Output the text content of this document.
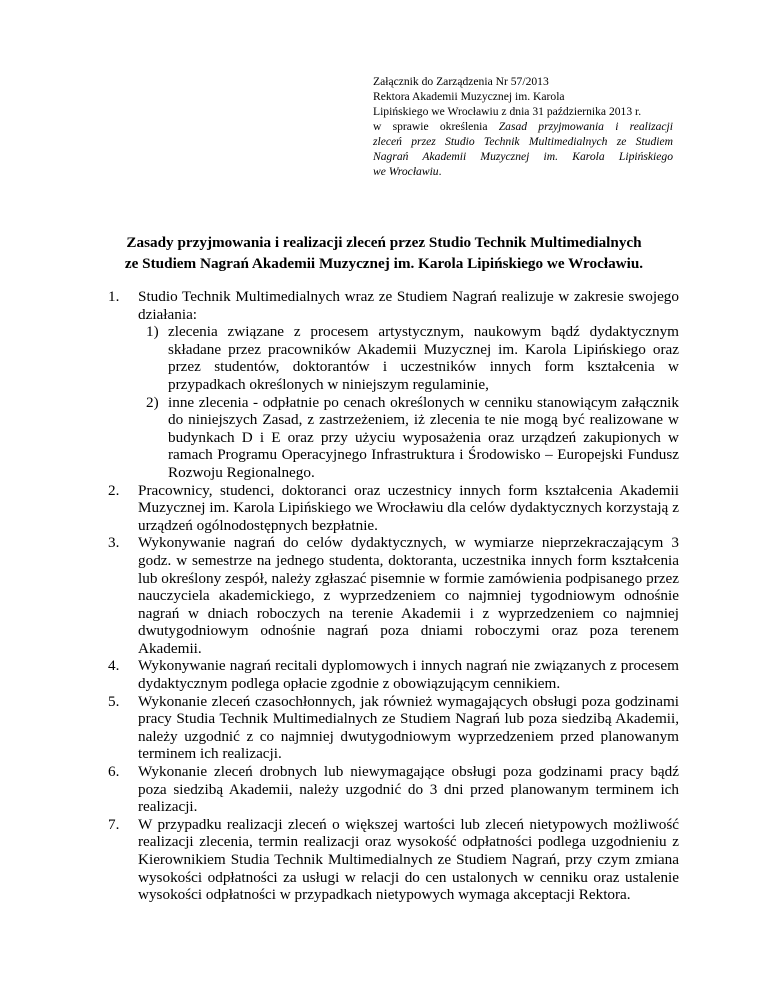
Załącznik do Zarządzenia Nr 57/2013
Rektora Akademii Muzycznej im. Karola
Lipińskiego we Wrocławiu z dnia 31 października 2013 r.
w sprawie określenia Zasad przyjmowania i realizacji
zleceń przez Studio Technik Multimedialnych ze Studiem
Nagrań Akademii Muzycznej im. Karola Lipińskiego
we Wrocławiu.
Zasady przyjmowania i realizacji zleceń przez Studio Technik Multimedialnych
ze Studiem Nagrań Akademii Muzycznej im. Karola Lipińskiego we Wrocławiu.
1. Studio Technik Multimedialnych wraz ze Studiem Nagrań realizuje w zakresie swojego działania:
1) zlecenia związane z procesem artystycznym, naukowym bądź dydaktycznym składane przez pracowników Akademii Muzycznej im. Karola Lipińskiego oraz przez studentów, doktorantów i uczestników innych form kształcenia w przypadkach określonych w niniejszym regulaminie,
2) inne zlecenia - odpłatnie po cenach określonych w cenniku stanowiącym załącznik do niniejszych Zasad, z zastrzeżeniem, iż zlecenia te nie mogą być realizowane w budynkach D i E oraz przy użyciu wyposażenia oraz urządzeń zakupionych w ramach Programu Operacyjnego Infrastruktura i Środowisko – Europejski Fundusz Rozwoju Regionalnego.
2. Pracownicy, studenci, doktoranci oraz uczestnicy innych form kształcenia Akademii Muzycznej im. Karola Lipińskiego we Wrocławiu dla celów dydaktycznych korzystają z urządzeń ogólnodostępnych bezpłatnie.
3. Wykonywanie nagrań do celów dydaktycznych, w wymiarze nieprzekraczającym 3 godz. w semestrze na jednego studenta, doktoranta, uczestnika innych form kształcenia lub określony zespół, należy zgłaszać pisemnie w formie zamówienia podpisanego przez nauczyciela akademickiego, z wyprzedzeniem co najmniej tygodniowym odnośnie nagrań w dniach roboczych na terenie Akademii i z wyprzedzeniem co najmniej dwutygodniowym odnośnie nagrań poza dniami roboczymi oraz poza terenem Akademii.
4. Wykonywanie nagrań recitali dyplomowych i innych nagrań nie związanych z procesem dydaktycznym podlega opłacie zgodnie z obowiązującym cennikiem.
5. Wykonanie zleceń czasochłonnych, jak również wymagających obsługi poza godzinami pracy Studia Technik Multimedialnych ze Studiem Nagrań lub poza siedzibą Akademii, należy uzgodnić z co najmniej dwutygodniowym wyprzedzeniem przed planowanym terminem ich realizacji.
6. Wykonanie zleceń drobnych lub niewymagające obsługi poza godzinami pracy bądź poza siedzibą Akademii, należy uzgodnić do 3 dni przed planowanym terminem ich realizacji.
7. W przypadku realizacji zleceń o większej wartości lub zleceń nietypowych możliwość realizacji zlecenia, termin realizacji oraz wysokość odpłatności podlega uzgodnieniu z Kierownikiem Studia Technik Multimedialnych ze Studiem Nagrań, przy czym zmiana wysokości odpłatności za usługi w relacji do cen ustalonych w cenniku oraz ustalenie wysokości odpłatności w przypadkach nietypowych wymaga akceptacji Rektora.
